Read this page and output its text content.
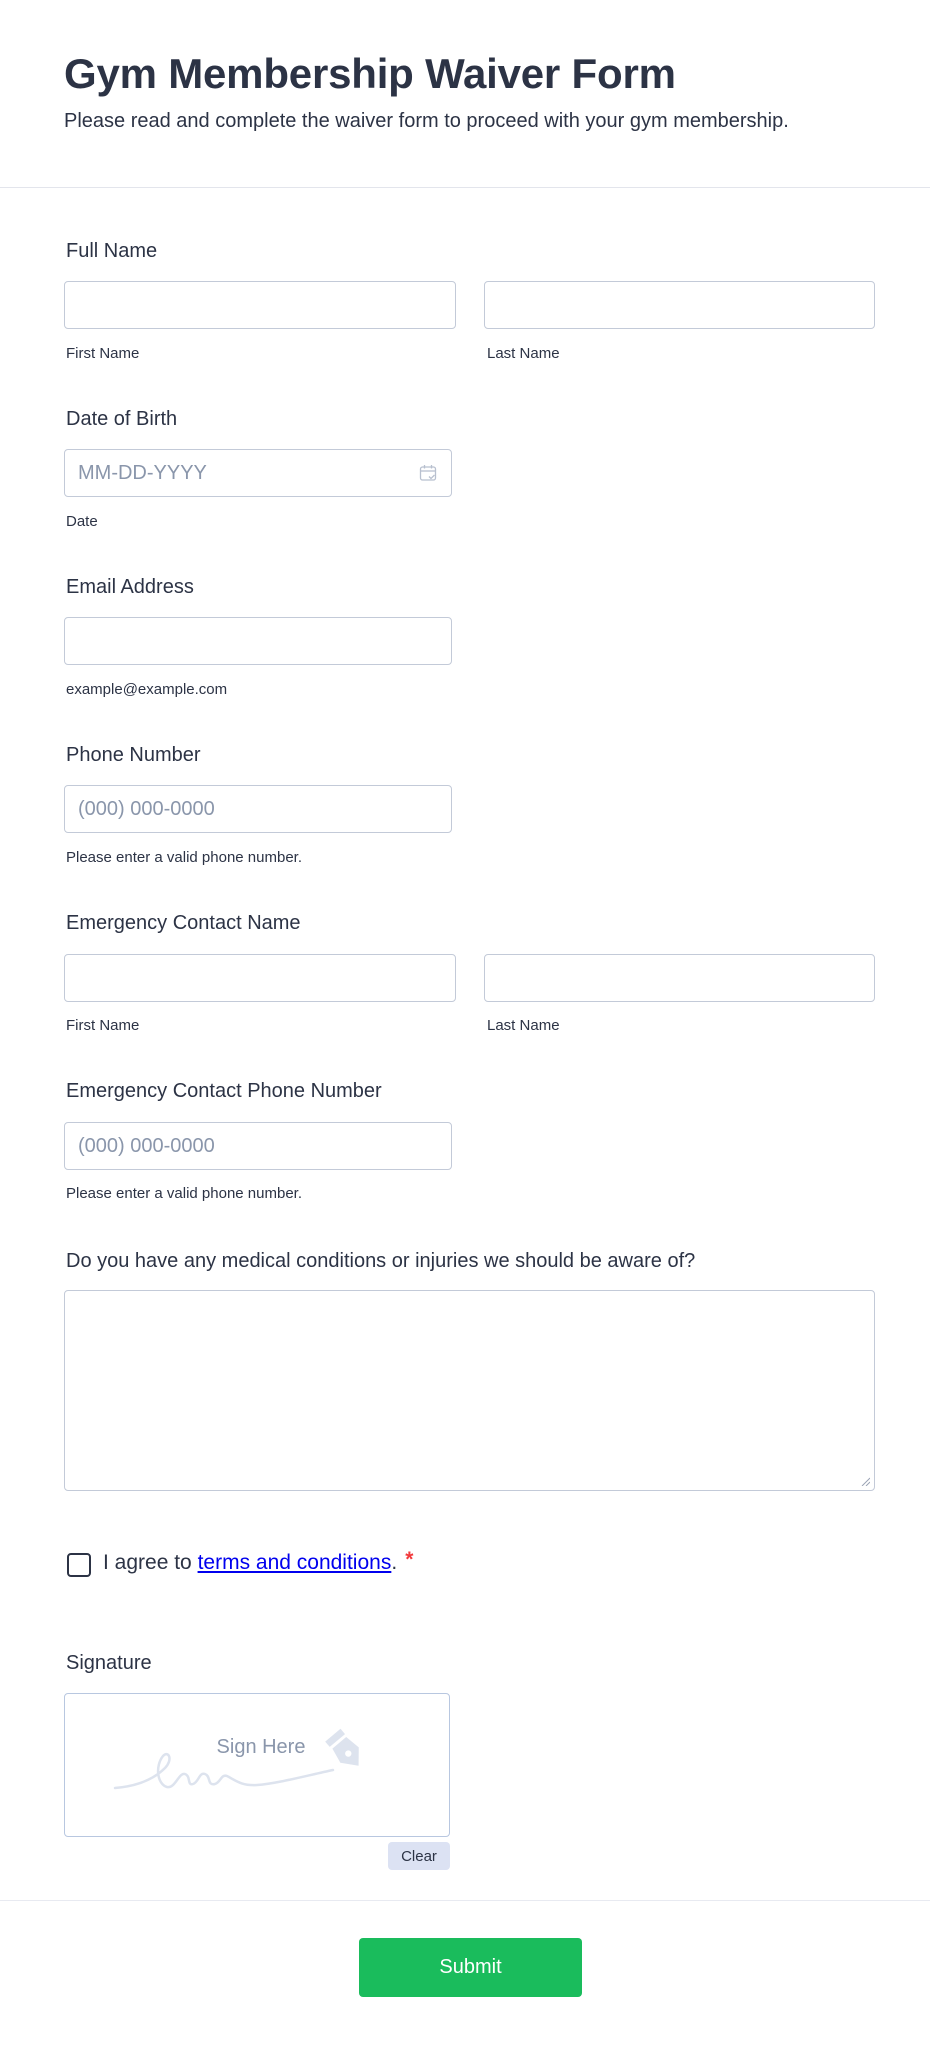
Gym Membership Waiver Form

Please read and complete the waiver form to proceed with your gym membership.

Full Name
First Name	Last Name
Date of Birth
MM-DD-YYYY
Date
Email Address
example@example.com
Phone Number
(000) 000-0000
Please enter a valid phone number.
Emergency Contact Name
First Name	Last Name
Emergency Contact Phone Number
(000) 000-0000
Please enter a valid phone number.
Do you have any medical conditions or injuries we should be aware of?
I agree to terms and conditions. *
Signature
Sign Here
Clear
Submit
